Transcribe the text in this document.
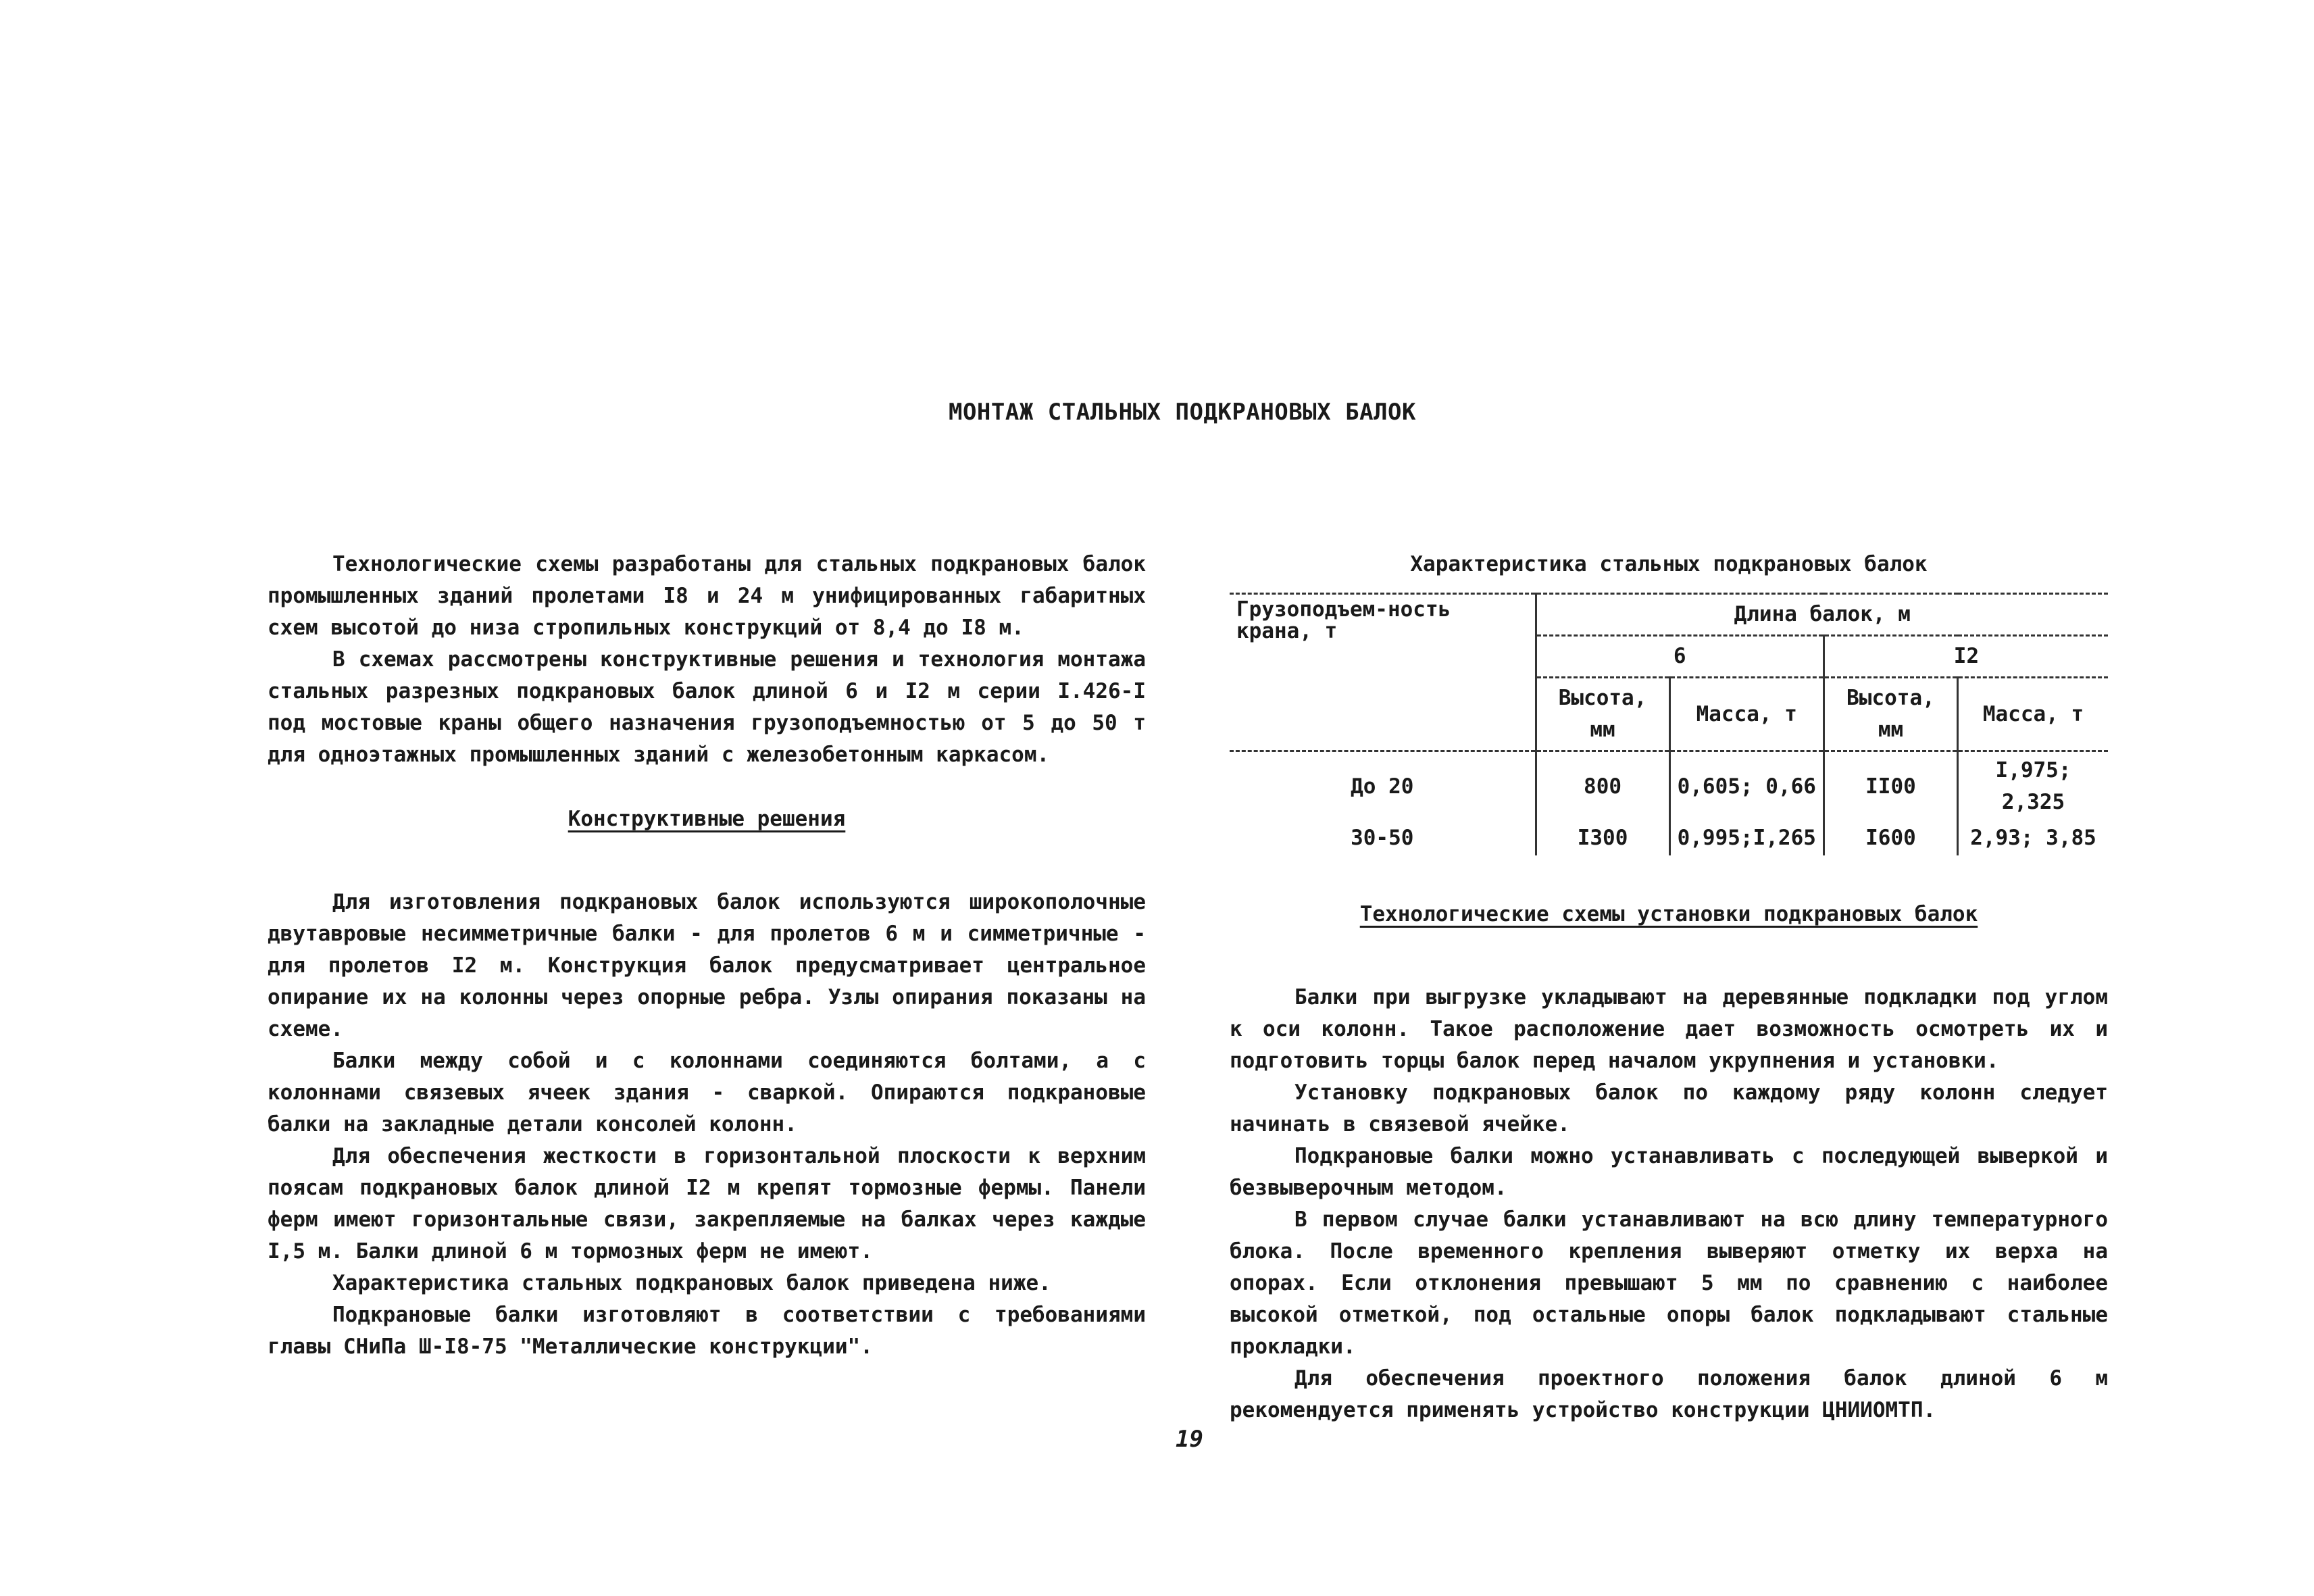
МОНТАЖ СТАЛЬНЫХ ПОДКРАНОВЫХ БАЛОК

Технологические схемы разработаны для стальных подкрановых балок промышленных зданий пролетами I8 и 24 м унифицированных габаритных схем высотой до низа стропильных конструкций от 8,4 до I8 м.

В схемах рассмотрены конструктивные решения и технология монтажа стальных разрезных подкрановых балок длиной 6 и I2 м серии I.426-I под мостовые краны общего назначения грузоподъемностью от 5 до 50 т для одноэтажных промышленных зданий с железобетонным каркасом.

Конструктивные решения

Для изготовления подкрановых балок используются широкополочные двутавровые несимметричные балки - для пролетов 6 м и симметричные - для пролетов I2 м. Конструкция балок предусматривает центральное опирание их на колонны через опорные ребра. Узлы опирания показаны на схеме.

Балки между собой и с колоннами соединяются болтами, а с колоннами связевых ячеек здания - сваркой. Опираются подкрановые балки на закладные детали консолей колонн.

Для обеспечения жесткости в горизонтальной плоскости к верхним поясам подкрановых балок длиной I2 м крепят тормозные фермы. Панели ферм имеют горизонтальные связи, закрепляемые на балках через каждые I,5 м. Балки длиной 6 м тормозных ферм не имеют.

Характеристика стальных подкрановых балок приведена ниже.

Подкрановые балки изготовляют в соответствии с требованиями главы СНиПа Ш-I8-75 "Металлические конструкции".

Характеристика стальных подкрановых балок
Грузоподъем-ность крана, т	Длина балок, м			
	6		I2	
	Высота, мм	Масса, т	Высота, мм	Масса, т
До 20	800	0,605; 0,66	II00	I,975; 2,325
30-50	I300	0,995;I,265	I600	2,93; 3,85
Технологические схемы установки подкрановых балок

Балки при выгрузке укладывают на деревянные подкладки под углом к оси колонн. Такое расположение дает возможность осмотреть их и подготовить торцы балок перед началом укрупнения и установки.

Установку подкрановых балок по каждому ряду колонн следует начинать в связевой ячейке.

Подкрановые балки можно устанавливать с последующей выверкой и безвыверочным методом.

В первом случае балки устанавливают на всю длину температурного блока. После временного крепления выверяют отметку их верха на опорах. Если отклонения превышают 5 мм по сравнению с наиболее высокой отметкой, под остальные опоры балок подкладывают стальные прокладки.

Для обеспечения проектного положения балок длиной 6 м рекомендуется применять устройство конструкции ЦНИИОМТП.

19
